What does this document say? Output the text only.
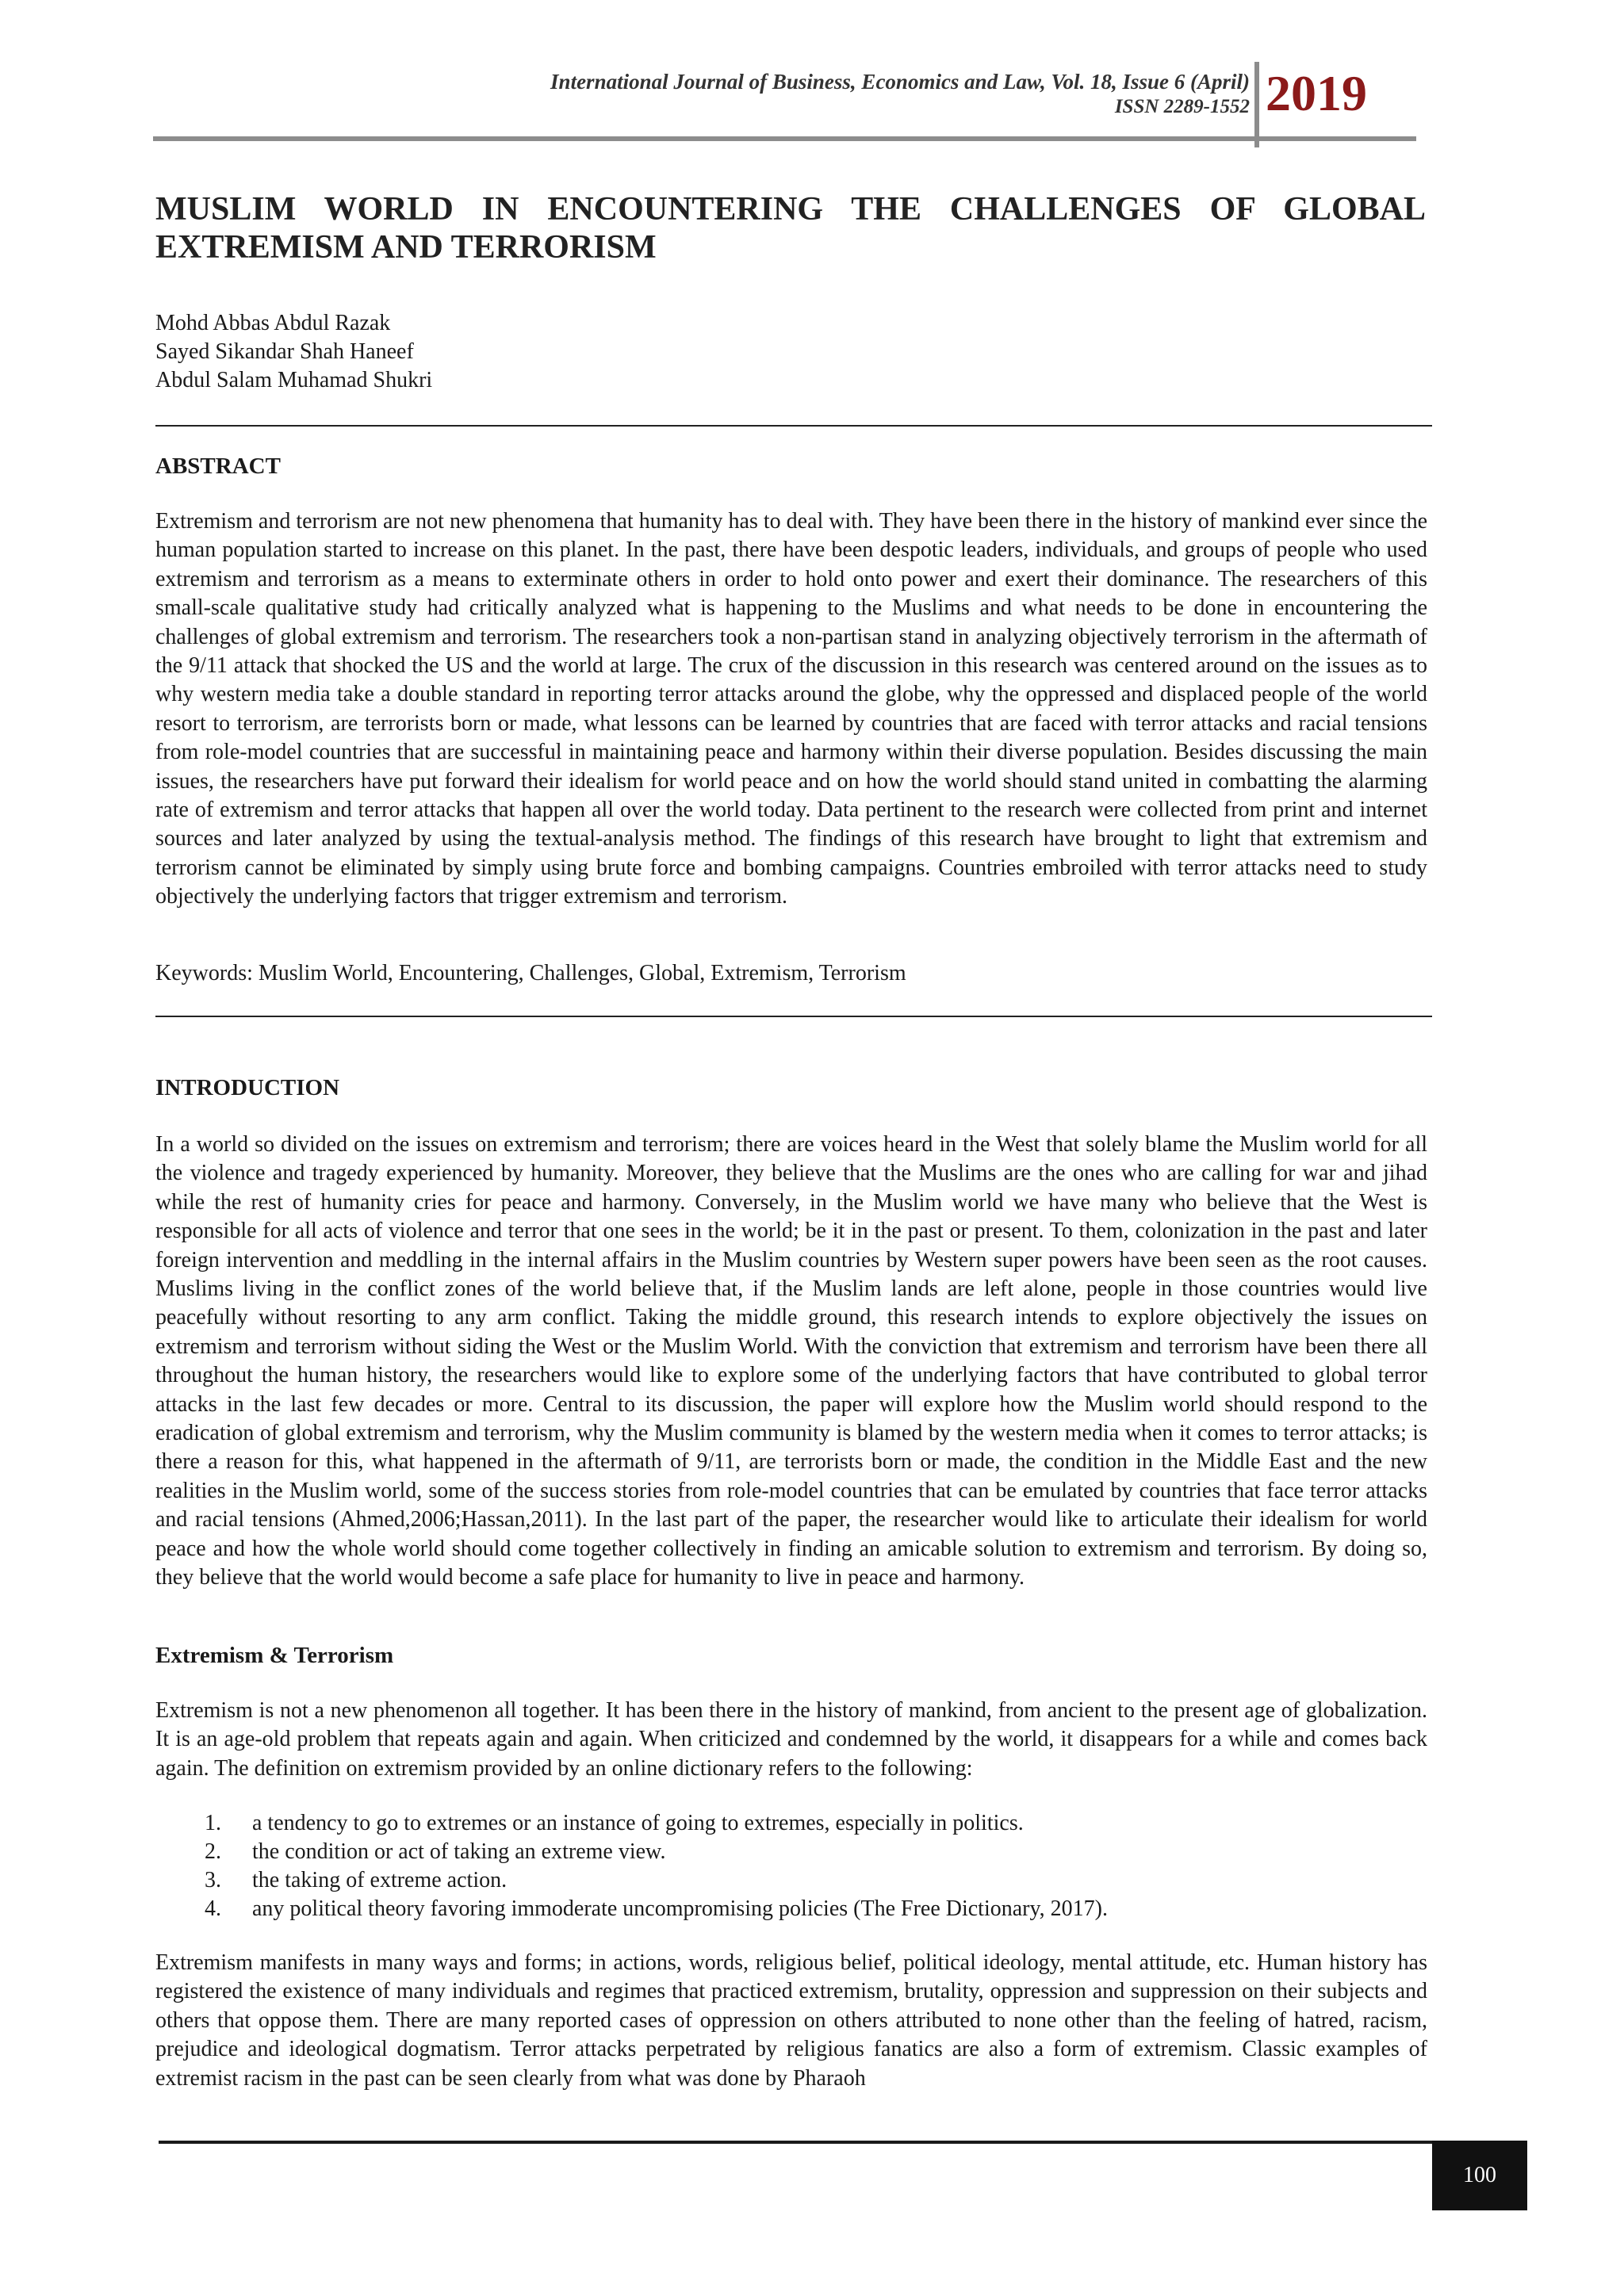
International Journal of Business, Economics and Law, Vol. 18, Issue 6 (April)
ISSN 2289-1552 2019
MUSLIM WORLD IN ENCOUNTERING THE CHALLENGES OF GLOBAL EXTREMISM AND TERRORISM
Mohd Abbas Abdul Razak
Sayed Sikandar Shah Haneef
Abdul Salam Muhamad Shukri
ABSTRACT

Extremism and terrorism are not new phenomena that humanity has to deal with. They have been there in the history of mankind ever since the human population started to increase on this planet. In the past, there have been despotic leaders, individuals, and groups of people who used extremism and terrorism as a means to exterminate others in order to hold onto power and exert their dominance. The researchers of this small-scale qualitative study had critically analyzed what is happening to the Muslims and what needs to be done in encountering the challenges of global extremism and terrorism. The researchers took a non-partisan stand in analyzing objectively terrorism in the aftermath of the 9/11 attack that shocked the US and the world at large. The crux of the discussion in this research was centered around on the issues as to why western media take a double standard in reporting terror attacks around the globe, why the oppressed and displaced people of the world resort to terrorism, are terrorists born or made, what lessons can be learned by countries that are faced with terror attacks and racial tensions from role-model countries that are successful in maintaining peace and harmony within their diverse population. Besides discussing the main issues, the researchers have put forward their idealism for world peace and on how the world should stand united in combatting the alarming rate of extremism and terror attacks that happen all over the world today. Data pertinent to the research were collected from print and internet sources and later analyzed by using the textual-analysis method. The findings of this research have brought to light that extremism and terrorism cannot be eliminated by simply using brute force and bombing campaigns. Countries embroiled with terror attacks need to study objectively the underlying factors that trigger extremism and terrorism.

Keywords: Muslim World, Encountering, Challenges, Global, Extremism, Terrorism

INTRODUCTION

In a world so divided on the issues on extremism and terrorism; there are voices heard in the West that solely blame the Muslim world for all the violence and tragedy experienced by humanity. Moreover, they believe that the Muslims are the ones who are calling for war and jihad while the rest of humanity cries for peace and harmony. Conversely, in the Muslim world we have many who believe that the West is responsible for all acts of violence and terror that one sees in the world; be it in the past or present. To them, colonization in the past and later foreign intervention and meddling in the internal affairs in the Muslim countries by Western super powers have been seen as the root causes. Muslims living in the conflict zones of the world believe that, if the Muslim lands are left alone, people in those countries would live peacefully without resorting to any arm conflict. Taking the middle ground, this research intends to explore objectively the issues on extremism and terrorism without siding the West or the Muslim World. With the conviction that extremism and terrorism have been there all throughout the human history, the researchers would like to explore some of the underlying factors that have contributed to global terror attacks in the last few decades or more. Central to its discussion, the paper will explore how the Muslim world should respond to the eradication of global extremism and terrorism, why the Muslim community is blamed by the western media when it comes to terror attacks; is there a reason for this, what happened in the aftermath of 9/11, are terrorists born or made, the condition in the Middle East and the new realities in the Muslim world, some of the success stories from role-model countries that can be emulated by countries that face terror attacks and racial tensions (Ahmed,2006;Hassan,2011). In the last part of the paper, the researcher would like to articulate their idealism for world peace and how the whole world should come together collectively in finding an amicable solution to extremism and terrorism. By doing so, they believe that the world would become a safe place for humanity to live in peace and harmony.

Extremism & Terrorism

Extremism is not a new phenomenon all together. It has been there in the history of mankind, from ancient to the present age of globalization. It is an age-old problem that repeats again and again. When criticized and condemned by the world, it disappears for a while and comes back again. The definition on extremism provided by an online dictionary refers to the following:

1. a tendency to go to extremes or an instance of going to extremes, especially in politics.
2. the condition or act of taking an extreme view.
3. the taking of extreme action.
4. any political theory favoring immoderate uncompromising policies (The Free Dictionary, 2017).

Extremism manifests in many ways and forms; in actions, words, religious belief, political ideology, mental attitude, etc. Human history has registered the existence of many individuals and regimes that practiced extremism, brutality, oppression and suppression on their subjects and others that oppose them. There are many reported cases of oppression on others attributed to none other than the feeling of hatred, racism, prejudice and ideological dogmatism. Terror attacks perpetrated by religious fanatics are also a form of extremism. Classic examples of extremist racism in the past can be seen clearly from what was done by Pharaoh

100
